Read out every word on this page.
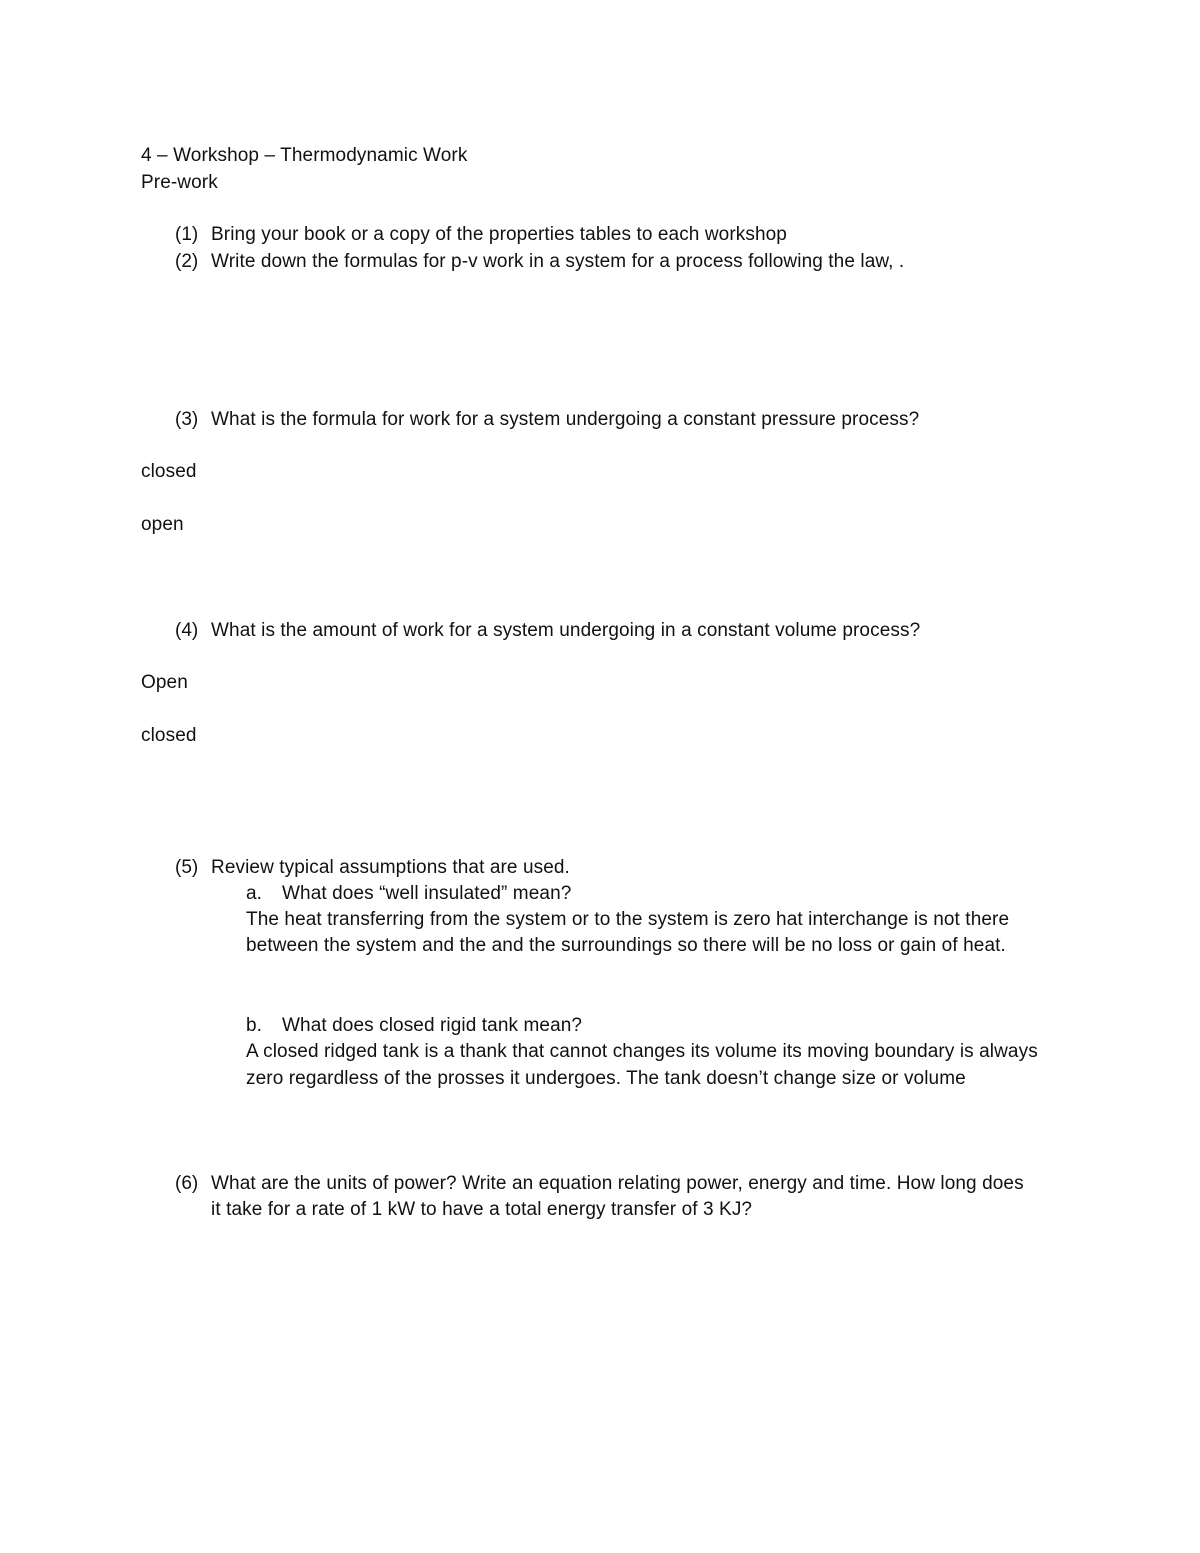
4 – Workshop – Thermodynamic Work
Pre-work
(1) Bring your book or a copy of the properties tables to each workshop
(2) Write down the formulas for p-v work in a system for a process following the law, .
(3) What is the formula for work for a system undergoing a constant pressure process?
closed
open
(4) What is the amount of work for a system undergoing in a constant volume process?
Open
closed
(5) Review typical assumptions that are used.
a. What does “well insulated” mean?
The heat transferring from the system or to the system is zero hat interchange is not there
between the system and the and the surroundings so there will be no loss or gain of heat.
b. What does closed rigid tank mean?
A closed ridged tank is a thank that cannot changes its volume its moving boundary is always
zero regardless of the prosses it undergoes. The tank doesn’t change size or volume
(6) What are the units of power? Write an equation relating power, energy and time. How long does
it take for a rate of 1 kW to have a total energy transfer of 3 KJ?
